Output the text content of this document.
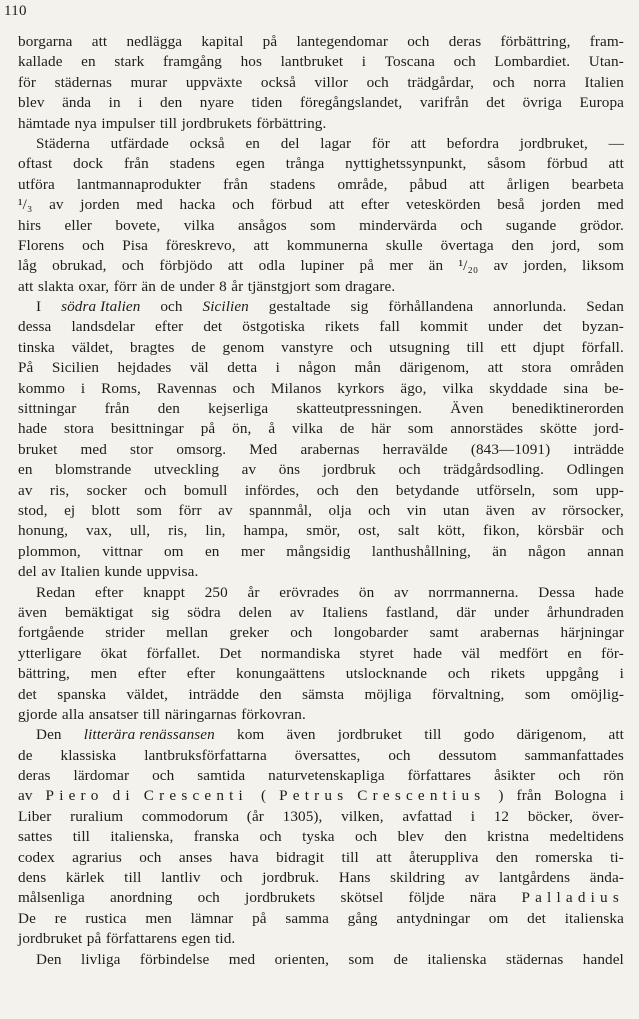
110
borgarna att nedlägga kapital på lantegendomar och deras förbättring, fram-
kallade en stark framgång hos lantbruket i Toscana och Lombardiet. Utan-
för städernas murar uppväxte också villor och trädgårdar, och norra Italien
blev ända in i den nyare tiden föregångslandet, varifrån det övriga Europa
hämtade nya impulser till jordbrukets förbättring.
Städerna utfärdade också en del lagar för att befordra jordbruket, —
oftast dock från stadens egen trånga nyttighetssynpunkt, såsom förbud att
utföra lantmannaprodukter från stadens område, påbud att årligen bearbeta
¹/₃ av jorden med hacka och förbud att efter veteskörden beså jorden med
hirs eller bovete, vilka ansågos som mindervärda och sugande grödor.
Florens och Pisa föreskrevo, att kommunerna skulle övertaga den jord, som
låg obrukad, och förbjödo att odla lupiner på mer än ¹/₂₀ av jorden, liksom
att slakta oxar, förr än de under 8 år tjänstgjort som dragare.
I södra Italien och Sicilien gestaltade sig förhållandena annorlunda. Sedan
dessa landsdelar efter det östgotiska rikets fall kommit under det byzan-
tinska väldet, bragtes de genom vanstyre och utsugning till ett djupt förfall.
På Sicilien hejdades väl detta i någon mån därigenom, att stora områden
kommo i Roms, Ravennas och Milanos kyrkors ägo, vilka skyddade sina be-
sittningar från den kejserliga skatteutpressningen. Även benediktinerorden
hade stora besittningar på ön, å vilka de här som annorstädes skötte jord-
bruket med stor omsorg. Med arabernas herravälde (843—1091) inträdde
en blomstrande utveckling av öns jordbruk och trädgårdsodling. Odlingen
av ris, socker och bomull infördes, och den betydande utförseln, som upp-
stod, ej blott som förr av spannmål, olja och vin utan även av rörsocker,
honung, vax, ull, ris, lin, hampa, smör, ost, salt kött, fikon, körsbär och
plommon, vittnar om en mer mångsidig lanthushållning, än någon annan
del av Italien kunde uppvisa.
Redan efter knappt 250 år erövrades ön av norrmannerna. Dessa hade
även bemäktigat sig södra delen av Italiens fastland, där under århundraden
fortgående strider mellan greker och longobarder samt arabernas härjningar
ytterligare ökat förfallet. Det normandiska styret hade väl medfört en för-
bättring, men efter efter konungaättens utslocknande och rikets uppgång i
det spanska väldet, inträdde den sämsta möjliga förvaltning, som omöjlig-
gjorde alla ansatser till näringarnas förkovran.
Den litterära renässansen kom även jordbruket till godo därigenom, att
de klassiska lantbruksförfattarna översattes, och dessutom sammanfattades
deras lärdomar och samtida naturvetenskapliga författares åsikter och rön
av Piero di Crescenti ( Petrus Crescentius ) från Bologna i
Liber ruralium commodorum (år 1305), vilken, avfattad i 12 böcker, över-
sattes till italienska, franska och tyska och blev den kristna medeltidens
codex agrarius och anses hava bidragit till att återuppliva den romerska ti-
dens kärlek till lantliv och jordbruk. Hans skildring av lantgårdens ända-
målsenliga anordning och jordbrukets skötsel följde nära Palladius
De re rustica men lämnar på samma gång antydningar om det italienska
jordbruket på författarens egen tid.
Den livliga förbindelse med orienten, som de italienska städernas handel
